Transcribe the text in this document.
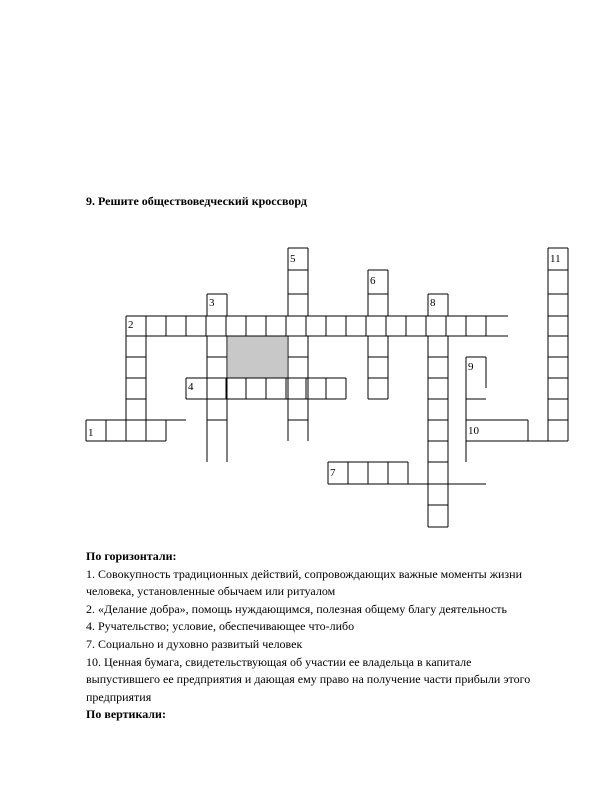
9. Решите обществоведческий кроссворд
1
2
3
4
5
6
7
8
9
10
11

По горизонтали:

1. Совокупность традиционных действий, сопровождающих важные моменты жизни человека, установленные обычаем или ритуалом

2. «Делание добра», помощь нуждающимся, полезная общему благу деятельность

4. Ручательство; условие, обеспечивающее что-либо

7. Социально и духовно развитый человек

10. Ценная бумага, свидетельствующая об участии ее владельца в капитале выпустившего ее предприятия и дающая ему право на получение части прибыли этого предприятия

По вертикали:
